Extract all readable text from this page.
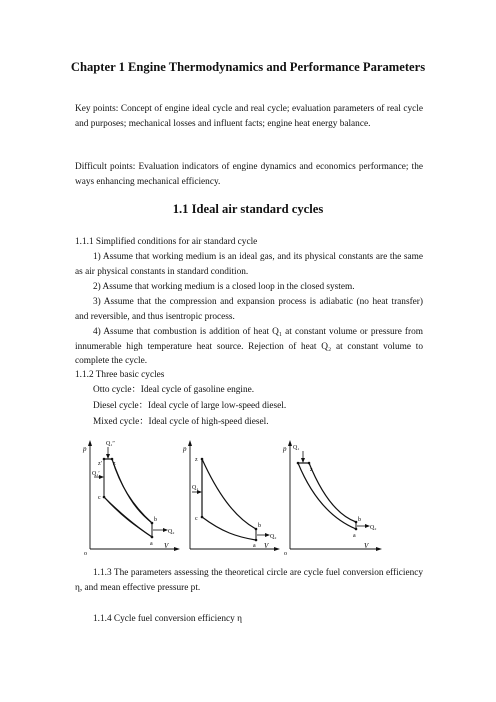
Chapter 1 Engine Thermodynamics and Performance Parameters
Key points: Concept of engine ideal cycle and real cycle; evaluation parameters of real cycle and purposes; mechanical losses and influent facts; engine heat energy balance.
Difficult points: Evaluation indicators of engine dynamics and economics performance; the ways enhancing mechanical efficiency.
1.1 Ideal air standard cycles
1.1.1 Simplified conditions for air standard cycle
1) Assume that working medium is an ideal gas, and its physical constants are the same as air physical constants in standard condition.
2) Assume that working medium is a closed loop in the closed system.
3) Assume that the compression and expansion process is adiabatic (no heat transfer) and reversible, and thus isentropic process.
4) Assume that combustion is addition of heat Q₁ at constant volume or pressure from innumerable high temperature heat source. Rejection of heat Q₂ at constant volume to complete the cycle.
1.1.2 Three basic cycles
Otto cycle：Ideal cycle of gasoline engine.
Diesel cycle：Ideal cycle of large low-speed diesel.
Mixed cycle：Ideal cycle of high-speed diesel.
p
V
o
Q₁″
Q₁′
Q₂
z′ z
c
b
a
p
V
Q₁
Q₂
z
c
b
a
p
V
o
Q₁
Q₂
z
b
a
1.1.3 The parameters assessing the theoretical circle are cycle fuel conversion efficiency η, and mean effective pressure pt.
1.1.4 Cycle fuel conversion efficiency η
